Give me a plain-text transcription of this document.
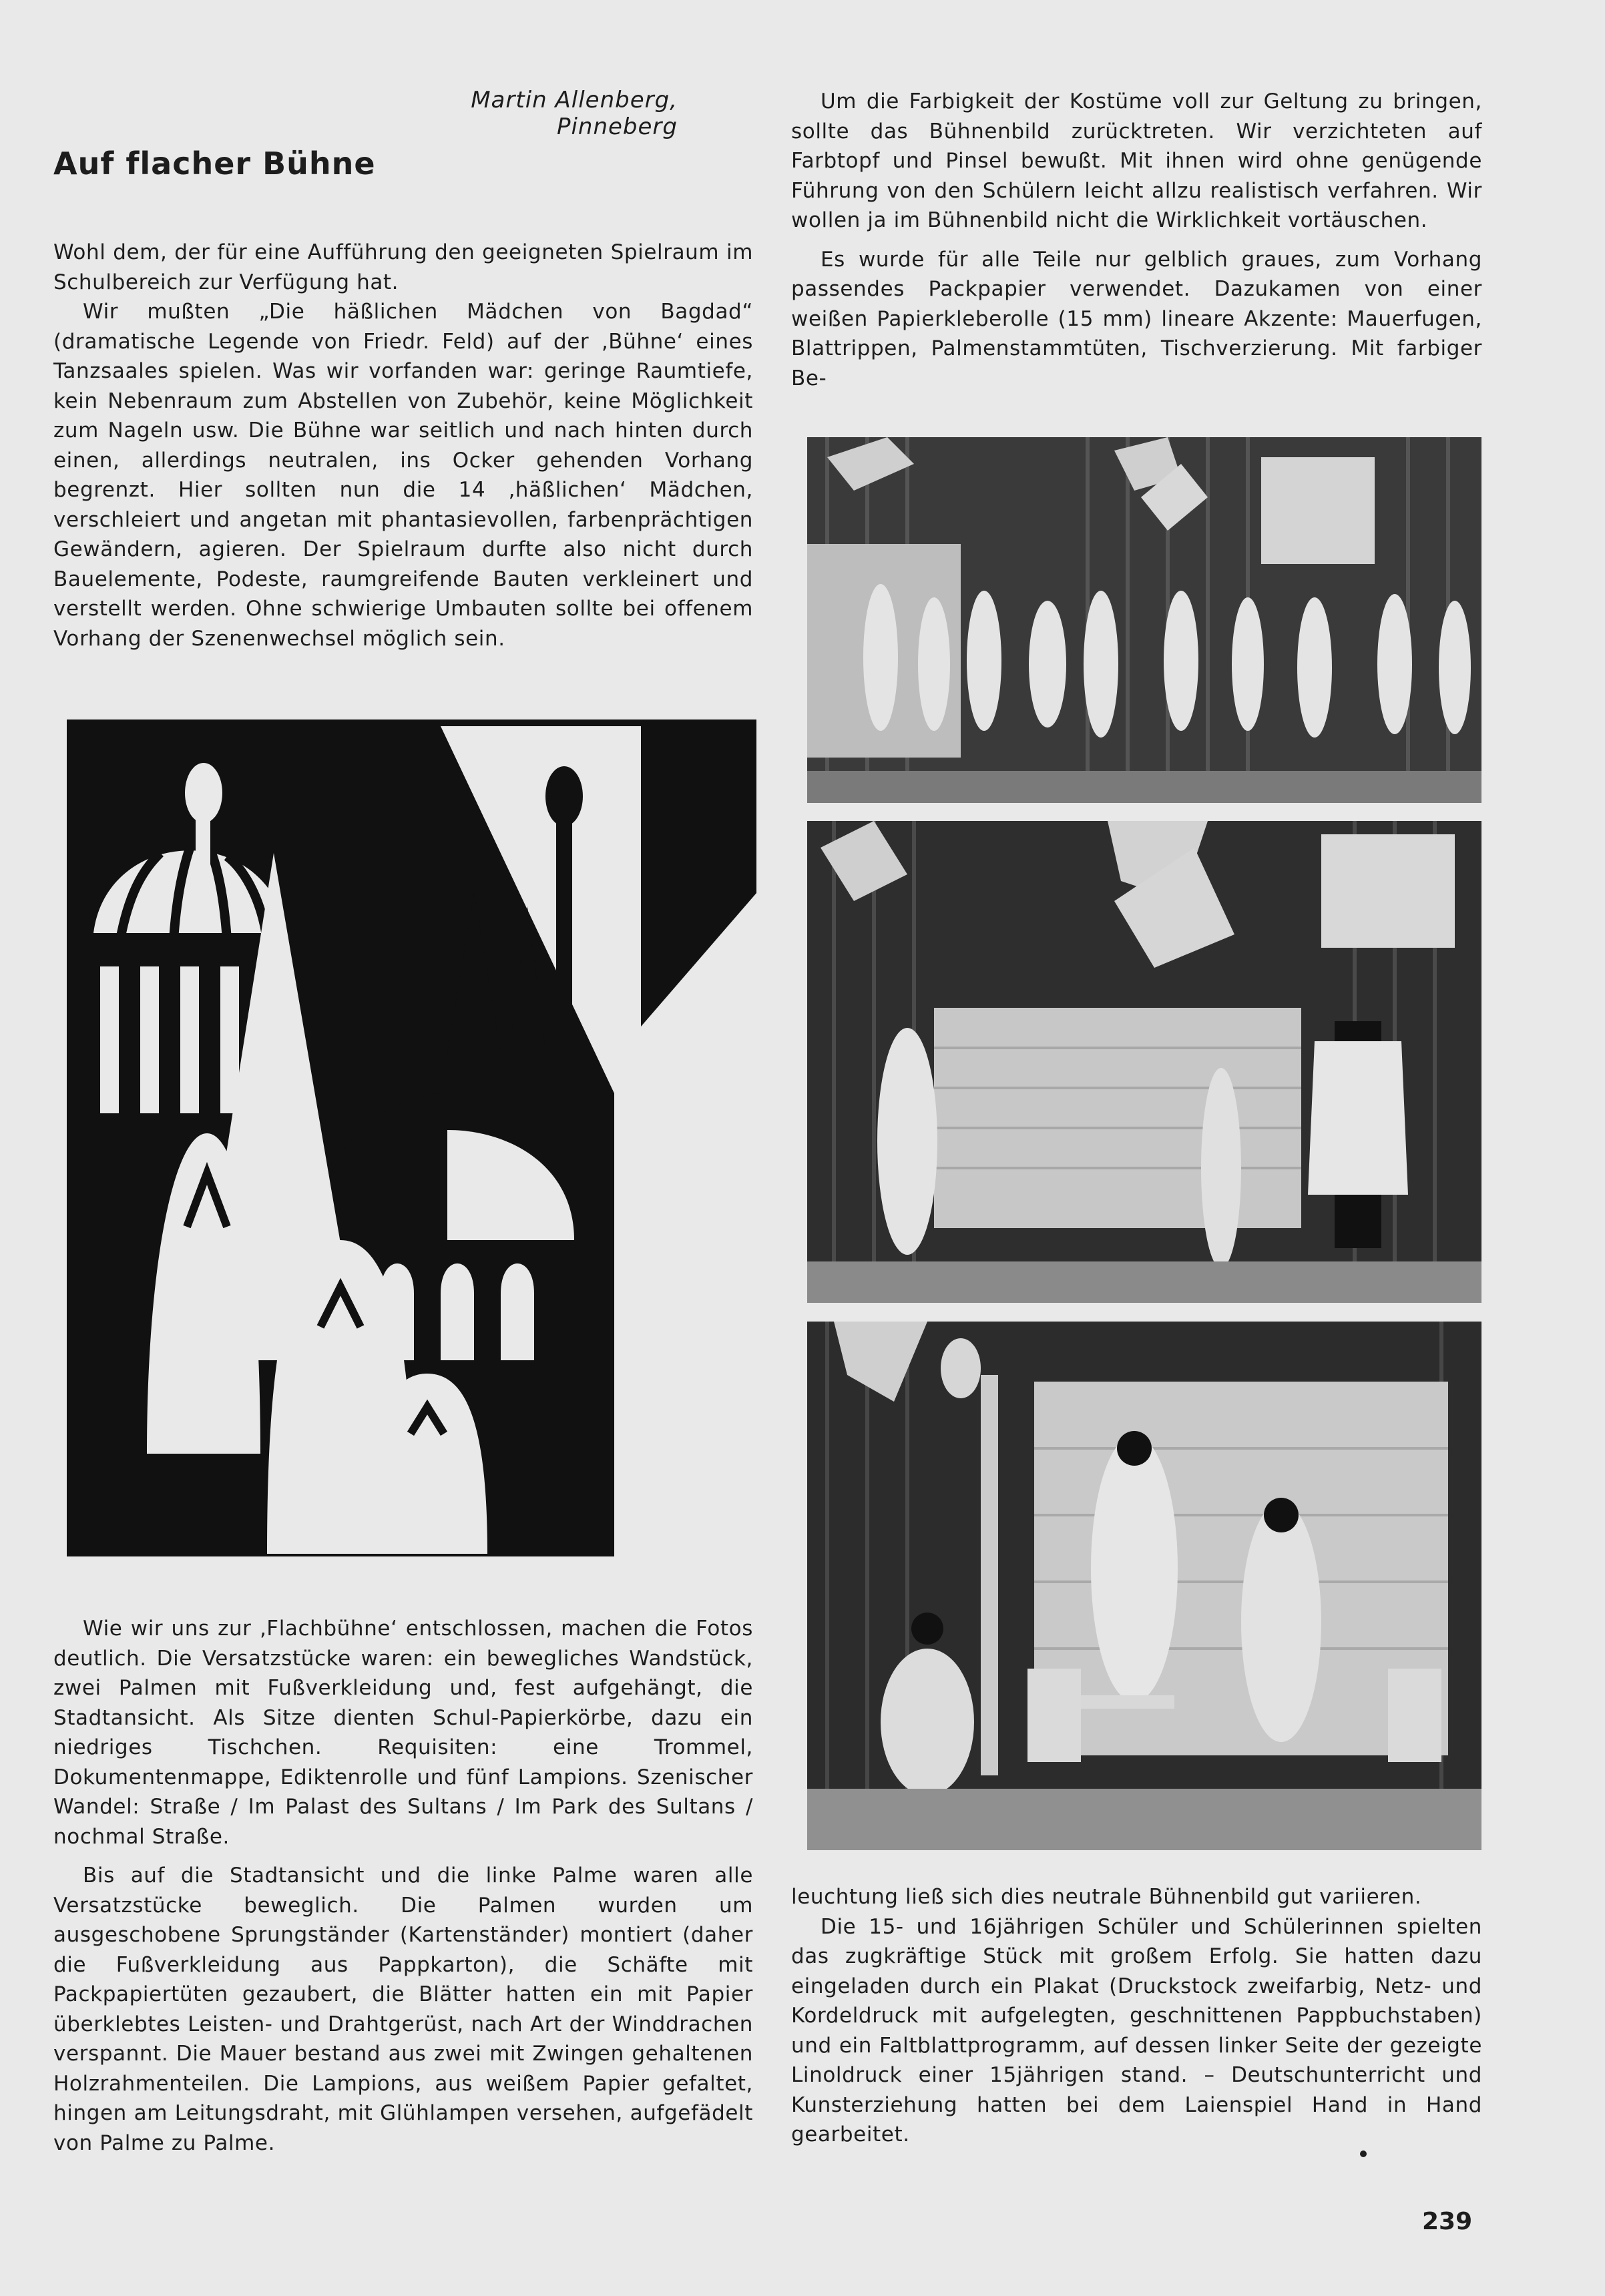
Martin Allenberg, Pinneberg
Auf flacher Bühne

Wohl dem, der für eine Aufführung den geeigneten Spielraum im Schulbereich zur Verfügung hat.

Wir mußten „Die häßlichen Mädchen von Bagdad“ (dramatische Legende von Friedr. Feld) auf der ‚Bühne‘ eines Tanzsaales spielen. Was wir vorfanden war: geringe Raumtiefe, kein Nebenraum zum Abstellen von Zubehör, keine Möglichkeit zum Nageln usw. Die Bühne war seitlich und nach hinten durch einen, allerdings neutralen, ins Ocker gehenden Vorhang begrenzt. Hier sollten nun die 14 ‚häßlichen‘ Mädchen, verschleiert und angetan mit phantasievollen, farbenprächtigen Gewändern, agieren. Der Spielraum durfte also nicht durch Bauelemente, Podeste, raumgreifende Bauten verkleinert und verstellt werden. Ohne schwierige Umbauten sollte bei offenem Vorhang der Szenenwechsel möglich sein.

Wie wir uns zur ‚Flachbühne‘ entschlossen, machen die Fotos deutlich. Die Versatzstücke waren: ein bewegliches Wandstück, zwei Palmen mit Fußverkleidung und, fest aufgehängt, die Stadtansicht. Als Sitze dienten Schul-Papierkörbe, dazu ein niedriges Tischchen. Requisiten: eine Trommel, Dokumentenmappe, Ediktenrolle und fünf Lampions. Szenischer Wandel: Straße / Im Palast des Sultans / Im Park des Sultans / nochmal Straße.

Bis auf die Stadtansicht und die linke Palme waren alle Versatzstücke beweglich. Die Palmen wurden um ausgeschobene Sprungständer (Kartenständer) montiert (daher die Fußverkleidung aus Pappkarton), die Schäfte mit Packpapiertüten gezaubert, die Blätter hatten ein mit Papier überklebtes Leisten- und Drahtgerüst, nach Art der Winddrachen verspannt. Die Mauer bestand aus zwei mit Zwingen gehaltenen Holzrahmenteilen. Die Lampions, aus weißem Papier gefaltet, hingen am Leitungsdraht, mit Glühlampen versehen, aufgefädelt von Palme zu Palme.

Um die Farbigkeit der Kostüme voll zur Geltung zu bringen, sollte das Bühnenbild zurücktreten. Wir verzichteten auf Farbtopf und Pinsel bewußt. Mit ihnen wird ohne genügende Führung von den Schülern leicht allzu realistisch verfahren. Wir wollen ja im Bühnenbild nicht die Wirklichkeit vortäuschen.

Es wurde für alle Teile nur gelblich graues, zum Vorhang passendes Packpapier verwendet. Dazukamen von einer weißen Papierkleberolle (15 mm) lineare Akzente: Mauerfugen, Blattrippen, Palmenstammtüten, Tischverzierung. Mit farbiger Be-

leuchtung ließ sich dies neutrale Bühnenbild gut variieren.

Die 15- und 16jährigen Schüler und Schülerinnen spielten das zugkräftige Stück mit großem Erfolg. Sie hatten dazu eingeladen durch ein Plakat (Druckstock zweifarbig, Netz- und Kordeldruck mit aufgelegten, geschnittenen Pappbuchstaben) und ein Faltblattprogramm, auf dessen linker Seite der gezeigte Linoldruck einer 15jährigen stand. – Deutschunterricht und Kunsterziehung hatten bei dem Laienspiel Hand in Hand gearbeitet.

239
